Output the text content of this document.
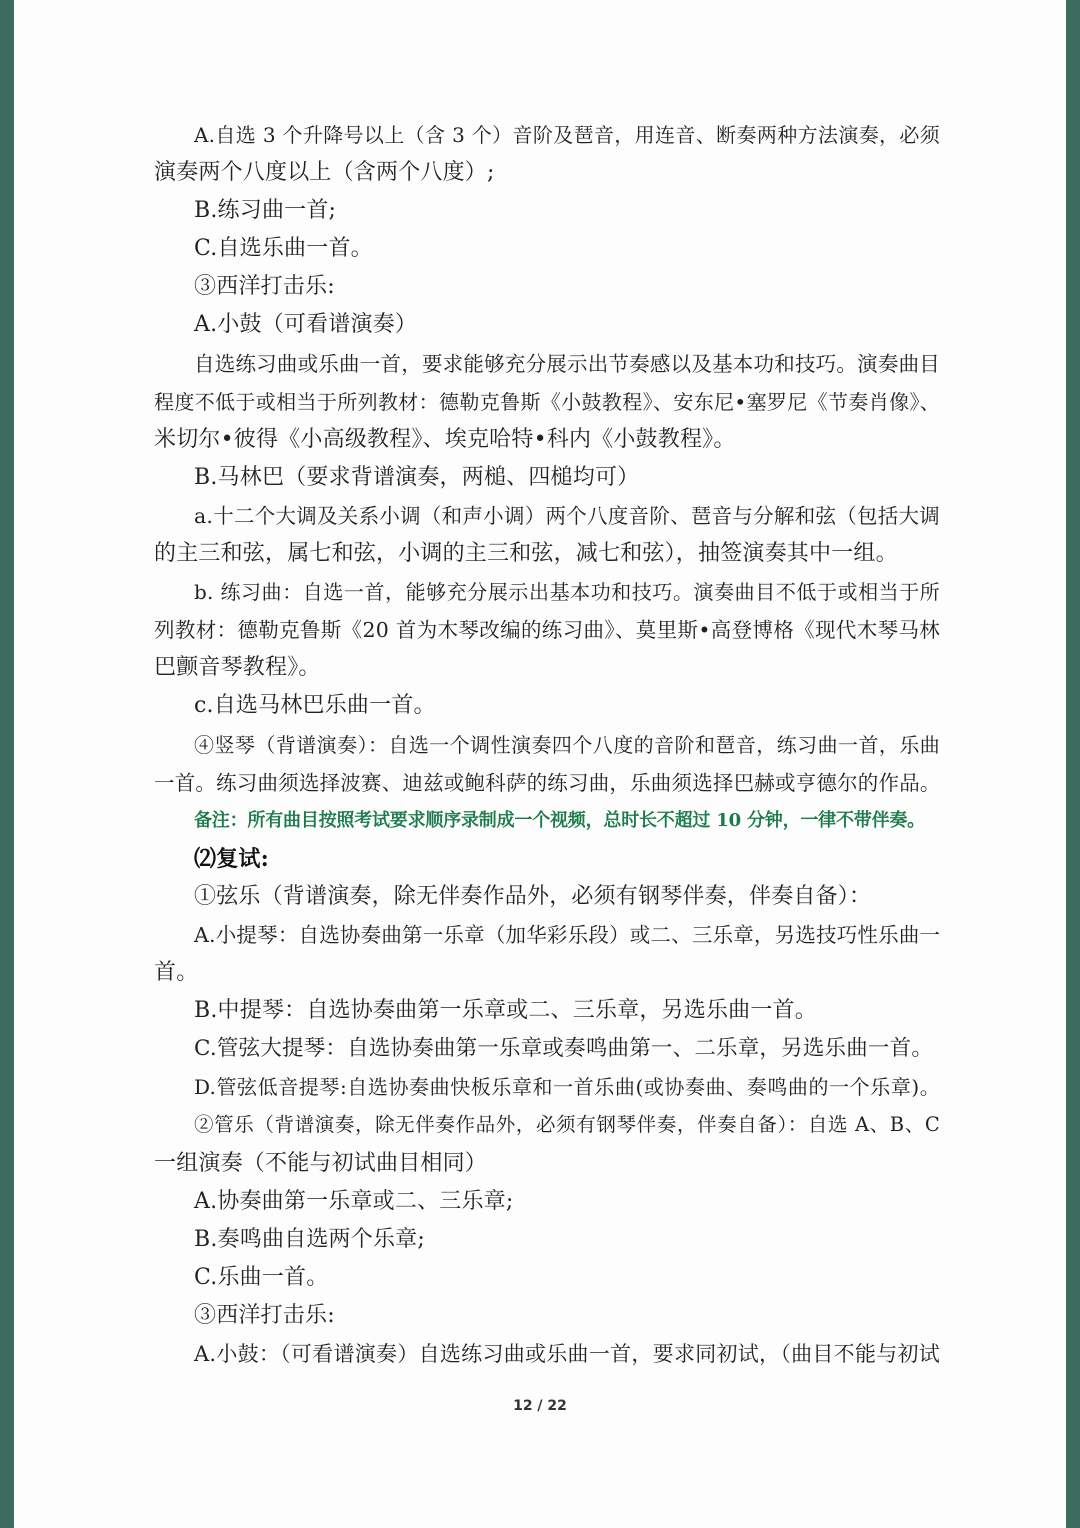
A.自选 3 个升降号以上（含 3 个）音阶及琶音，用连音、断奏两种方法演奏，必须
演奏两个八度以上（含两个八度）;
B.练习曲一首;
C.自选乐曲一首。
③西洋打击乐:
A.小鼓（可看谱演奏）
自选练习曲或乐曲一首，要求能够充分展示出节奏感以及基本功和技巧。演奏曲目
程度不低于或相当于所列教材：德勒克鲁斯《小鼓教程》、安东尼•塞罗尼《节奏肖像》、
米切尔•彼得《小高级教程》、埃克哈特•科内《小鼓教程》。
B.马林巴（要求背谱演奏，两槌、四槌均可）
a.十二个大调及关系小调（和声小调）两个八度音阶、琶音与分解和弦（包括大调
的主三和弦，属七和弦，小调的主三和弦，减七和弦），抽签演奏其中一组。
b. 练习曲：自选一首，能够充分展示出基本功和技巧。演奏曲目不低于或相当于所
列教材：德勒克鲁斯《20 首为木琴改编的练习曲》、莫里斯•高登博格《现代木琴马林
巴颤音琴教程》。
c.自选马林巴乐曲一首。
④竖琴（背谱演奏）：自选一个调性演奏四个八度的音阶和琶音，练习曲一首，乐曲
一首。练习曲须选择波赛、迪兹或鲍科萨的练习曲，乐曲须选择巴赫或亨德尔的作品。
备注：所有曲目按照考试要求顺序录制成一个视频，总时长不超过 10 分钟，一律不带伴奏。
⑵复试:
①弦乐（背谱演奏，除无伴奏作品外，必须有钢琴伴奏，伴奏自备）：
A.小提琴：自选协奏曲第一乐章（加华彩乐段）或二、三乐章，另选技巧性乐曲一
首。
B.中提琴：自选协奏曲第一乐章或二、三乐章，另选乐曲一首。
C.管弦大提琴：自选协奏曲第一乐章或奏鸣曲第一、二乐章，另选乐曲一首。
D.管弦低音提琴:自选协奏曲快板乐章和一首乐曲(或协奏曲、奏鸣曲的一个乐章)。
②管乐（背谱演奏，除无伴奏作品外，必须有钢琴伴奏，伴奏自备）：自选 A、B、C
一组演奏（不能与初试曲目相同）
A.协奏曲第一乐章或二、三乐章;
B.奏鸣曲自选两个乐章;
C.乐曲一首。
③西洋打击乐:
A.小鼓：（可看谱演奏）自选练习曲或乐曲一首，要求同初试，（曲目不能与初试
12 / 22
